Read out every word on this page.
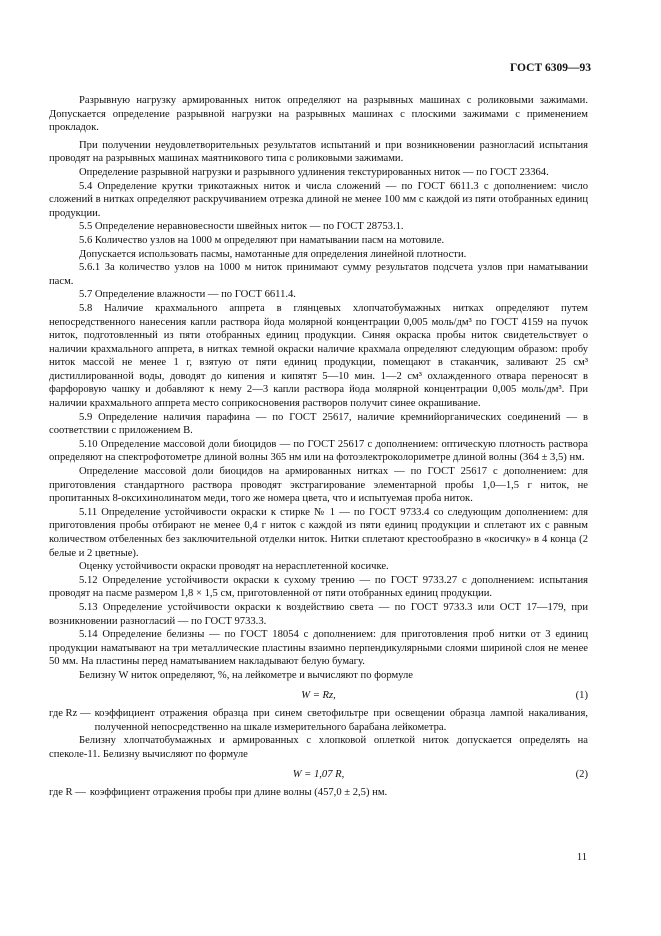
ГОСТ 6309—93

Разрывную нагрузку армированных ниток определяют на разрывных машинах с роликовыми зажимами. Допускается определение разрывной нагрузки на разрывных машинах с плоскими зажимами с применением прокладок.

При получении неудовлетворительных результатов испытаний и при возникновении разногласий испытания проводят на разрывных машинах маятникового типа с роликовыми зажимами.

Определение разрывной нагрузки и разрывного удлинения текстурированных ниток — по ГОСТ 23364.

5.4 Определение крутки трикотажных ниток и числа сложений — по ГОСТ 6611.3 с дополнением: число сложений в нитках определяют раскручиванием отрезка длиной не менее 100 мм с каждой из пяти отобранных единиц продукции.

5.5 Определение неравновесности швейных ниток — по ГОСТ 28753.1.

5.6 Количество узлов на 1000 м определяют при наматывании пасм на мотовиле.

Допускается использовать пасмы, намотанные для определения линейной плотности.

5.6.1 За количество узлов на 1000 м ниток принимают сумму результатов подсчета узлов при наматывании пасм.

5.7 Определение влажности — по ГОСТ 6611.4.

5.8 Наличие крахмального аппрета в глянцевых хлопчатобумажных нитках определяют путем непосредственного нанесения капли раствора йода молярной концентрации 0,005 моль/дм³ по ГОСТ 4159 на пучок ниток, подготовленный из пяти отобранных единиц продукции. Синяя окраска пробы ниток свидетельствует о наличии крахмального аппрета, в нитках темной окраски наличие крахмала определяют следующим образом: пробу ниток массой не менее 1 г, взятую от пяти единиц продукции, помещают в стаканчик, заливают 25 см³ дистиллированной воды, доводят до кипения и кипятят 5—10 мин. 1—2 см³ охлажденного отвара переносят в фарфоровую чашку и добавляют к нему 2—3 капли раствора йода молярной концентрации 0,005 моль/дм³. При наличии крахмального аппрета место соприкосновения растворов получит синее окрашивание.

5.9 Определение наличия парафина — по ГОСТ 25617, наличие кремнийорганических соединений — в соответствии с приложением В.

5.10 Определение массовой доли биоцидов — по ГОСТ 25617 с дополнением: оптическую плотность раствора определяют на спектрофотометре длиной волны 365 нм или на фотоэлектроколориметре длиной волны (364 ± 3,5) нм.

Определение массовой доли биоцидов на армированных нитках — по ГОСТ 25617 с дополнением: для приготовления стандартного раствора проводят экстрагирование элементарной пробы 1,0—1,5 г ниток, не пропитанных 8-оксихинолинатом меди, того же номера цвета, что и испытуемая проба ниток.

5.11 Определение устойчивости окраски к стирке № 1 — по ГОСТ 9733.4 со следующим дополнением: для приготовления пробы отбирают не менее 0,4 г ниток с каждой из пяти единиц продукции и сплетают их с равным количеством отбеленных без заключительной отделки ниток. Нитки сплетают крестообразно в «косичку» в 4 конца (2 белые и 2 цветные).

Оценку устойчивости окраски проводят на нерасплетенной косичке.

5.12 Определение устойчивости окраски к сухому трению — по ГОСТ 9733.27 с дополнением: испытания проводят на пасме размером 1,8 × 1,5 см, приготовленной от пяти отобранных единиц продукции.

5.13 Определение устойчивости окраски к воздействию света — по ГОСТ 9733.3 или ОСТ 17—179, при возникновении разногласий — по ГОСТ 9733.3.

5.14 Определение белизны — по ГОСТ 18054 с дополнением: для приготовления проб нитки от 3 единиц продукции наматывают на три металлические пластины взаимно перпендикулярными слоями шириной слоя не менее 50 мм. На пластины перед наматыванием накладывают белую бумагу.

Белизну W ниток определяют, %, на лейкометре и вычисляют по формуле

W = Rz,	(1)
где Rz — коэффициент отражения образца при синем светофильтре при освещении образца лампой накаливания, полученной непосредственно на шкале измерительного барабана лейкометра.

Белизну хлопчатобумажных и армированных с хлопковой оплеткой ниток допускается определять на спеколе-11. Белизну вычисляют по формуле

W = 1,07 R,	(2)
где R — коэффициент отражения пробы при длине волны (457,0 ± 2,5) нм.
11
